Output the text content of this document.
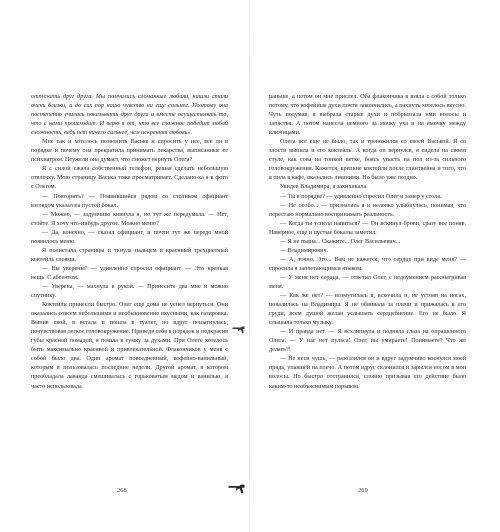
отпускать друг друга. Мы помчались сломанные любили, нашли стали очень близки, и до сих пор нашо чувство ни еще сильнее. Поэтому она постепенно училась показывать друг друга и вместе осуществлять то, что с нами происходит. И верю я от, что все сложное победит любой сложность, ведь нет ничего сильнее, чем искренняя любовь».

Мне так и хотелось позвонить Ваське и спросить у нее, все ли в порядке и почему она прекратила принимать лекарства, выписанные ее психиатром. Неужели она думает, что сможет вернуть Олега?

Я с силой сжала собственный телефон, решая сделать небольшую отвлечку. Мою страницу Васька тоже просматривает. Сделано-ка я в фото с Олегом.

— Повторить? — Появившийся рядом со столиком официант взглядом указал на пустой бокал.

— Можно, — задумчиво кивнула я, но тут же передумала. — Нет, стойте. Я хочу что-нибудь другое. Можно меню?

— Да, конечно, — сказал официант, и почти тут же передо мной появилось меню.

Я полистала страницы и ткнула пальцем в красивый трехцветный коктейль слоями.

— Вы уверены? — удивленно спросил официант. — Это крепкая вещь. С абсентом.

— Уверена, — махнула я рукой. — Принесите два мне и можно спутнику.

Коктейли принесли быстро. Олег еще дома не успел вернуться. Они оказались совсем небольшими и необыкновенно вкусными, как газировка. Выпив свой, я встала и пошла в туалет, но вдруг пошатнулась, почувствовав легкое головокружение. Приведя себя в порядок и подкрасив губы красной помадой, я пошла в сумку за духами. При Олеге хотелось быть максимально красивой и привлекательной. Флакончиков у меня с собой было два. Один аромат повседневный, кофейно-ванильный, которым я пользовалась последние недели. Другой аромат, в котором преобладала лаванда смешивалась с горьковатым медом и ванилью, я часто использовала

268

раньше, а потом он мне прислел. Оба флакончика я взяла с собой только потому, что кофейные духи почти закончились, а пахнуть хотелось вкусно. Чуть подумав, я выбрала старые духи и побрызгала ими волосы и запястья. А потом нанесла немного за мочку уха и на ямочку между ключицами.

Олега все еще не было, так и тревожился со своей Васькой. Я со злости выпила и его коктейль. А когда он вернулся, я сидела на своем стуле, как сова на тонкой ветке, боясь упасть на пол из-за сильного головокружения. Кажется, крепкие коктейли после глинтвейна и того, что я пила в кафе, оказались лишними. Но было уже поздно.

Увидев Владимира, я захихикала.

— Ты в порядке? — удивленно спросил Олег и замер у стола.

— Не особо... — призналась я и неловко улыбнулась, понимая, что перестаю нормально воспринимать реальность.

— Когда ты успела напиться? — Он вскинул брови, сразу все поняв. Наверное, еще и пустые бокалы заметил.

— Я не пьяна... Скажите... Олег Васильевич...

— Владимирович.

— А, точно. Это... Вам не кажется, что сердце при виде меня? — спросила я заплетающимся языком.

— У меня нет сердца, — ответил Олег, с недоумением рассматривая меня.

— Как же нет? — возмутилась я, вскочила и, не устояв на ногах, повалилась на Владимира. Я не обвивала за плечи и прижалась к его груди, всем душой желая услышать сердцебиение. Его не было. Я слышала только музыку.

— И правда нет. — Я всхлипнула и подняла глаза на опрашенного Олега. — У нас нет пульса! Олег, вы умираете! Понимаете? Что же делать?!

— Не неси чушь, — разозлился он и вдруг задумчиво коснулся моей прядь, упавшей на плечо. А потом вдруг склонился и зарылся носом в мои волосы. Но быстро отстранился, словно призывая его действие было каким-то необъяснимым порывом.

269
